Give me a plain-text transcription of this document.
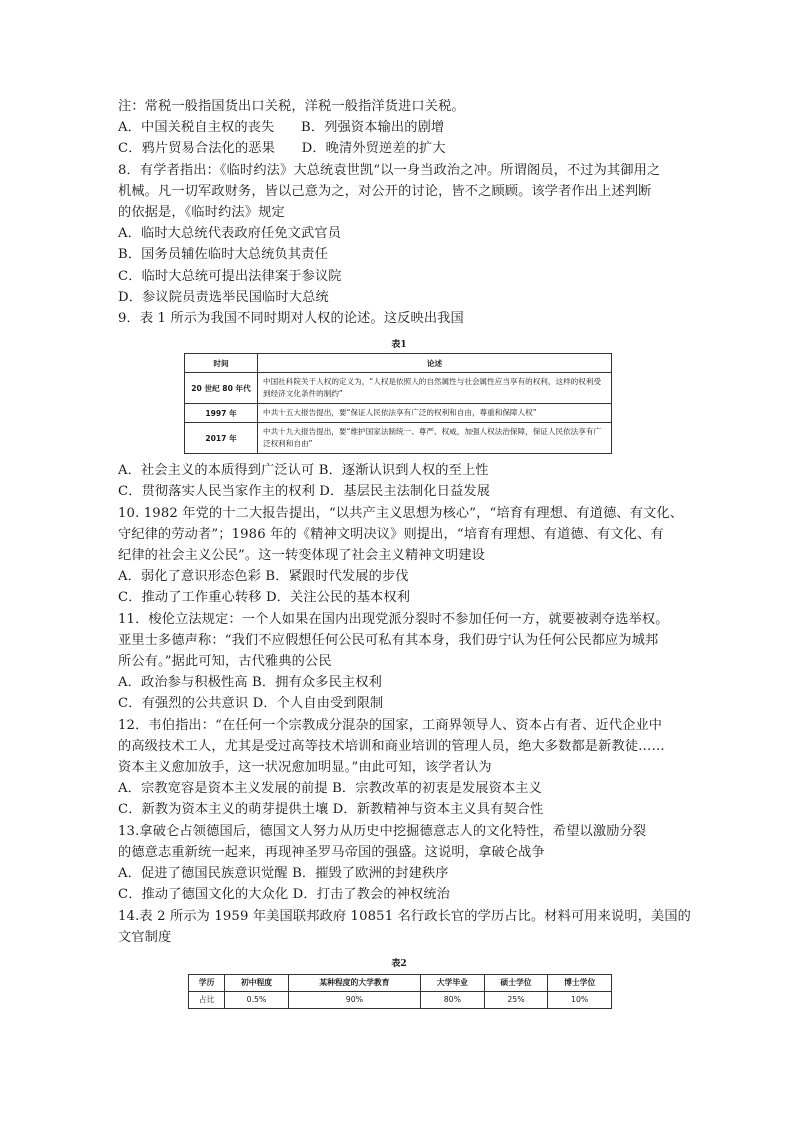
注：常税一般指国货出口关税，洋税一般指洋货进口关税。
A．中国关税自主权的丧失　　B．列强资本输出的剧增
C．鸦片贸易合法化的恶果　　D．晚清外贸逆差的扩大
8．有学者指出：《临时约法》大总统袁世凯“以一身当政治之冲。所谓阁员，不过为其御用之
机械。凡一切军政财务，皆以己意为之，对公开的讨论，皆不之顾顾。该学者作出上述判断
的依据是，《临时约法》规定
A．临时大总统代表政府任免文武官员
B．国务员辅佐临时大总统负其责任
C．临时大总统可提出法律案于参议院
D．参议院员责选举民国临时大总统
9．表 1 所示为我国不同时期对人权的论述。这反映出我国
表1
时间	论述
20 世纪 80 年代	中国社科院关于人权的定义为，“人权是依照人的自然属性与社会属性应当享有的权利，这样的权利受到经济文化条件的制约”
1997 年	中共十五大报告提出，要“保证人民依法享有广泛的权利和自由，尊重和保障人权”
2017 年	中共十九大报告提出，要“维护国家法制统一、尊严、权威，加强人权法治保障，保证人民依法享有广泛权利和自由”
A．社会主义的本质得到广泛认可 B．逐渐认识到人权的至上性
C．贯彻落实人民当家作主的权利 D．基层民主法制化日益发展
10. 1982 年党的十二大报告提出，“以共产主义思想为核心”，“培育有理想、有道德、有文化、
守纪律的劳动者”；1986 年的《精神文明决议》则提出，“培育有理想、有道德、有文化、有
纪律的社会主义公民”。这一转变体现了社会主义精神文明建设
A．弱化了意识形态色彩 B．紧跟时代发展的步伐
C．推动了工作重心转移 D．关注公民的基本权利
11．梭伦立法规定：一个人如果在国内出现党派分裂时不参加任何一方，就要被剥夺选举权。
亚里士多德声称：“我们不应假想任何公民可私有其本身，我们毋宁认为任何公民都应为城邦
所公有。”据此可知，古代雅典的公民
A．政治参与积极性高 B．拥有众多民主权利
C．有强烈的公共意识 D．个人自由受到限制
12．韦伯指出：“在任何一个宗教成分混杂的国家，工商界领导人、资本占有者、近代企业中
的高级技术工人，尤其是受过高等技术培训和商业培训的管理人员，绝大多数都是新教徒……
资本主义愈加放手，这一状况愈加明显。”由此可知，该学者认为
A．宗教宽容是资本主义发展的前提 B．宗教改革的初衷是发展资本主义
C．新教为资本主义的萌芽提供土壤 D．新教精神与资本主义具有契合性
13.拿破仑占领德国后，德国文人努力从历史中挖掘德意志人的文化特性，希望以激励分裂
的德意志重新统一起来，再现神圣罗马帝国的强盛。这说明，拿破仑战争
A．促进了德国民族意识觉醒 B．摧毁了欧洲的封建秩序
C．推动了德国文化的大众化 D．打击了教会的神权统治
14.表 2 所示为 1959 年美国联邦政府 10851 名行政长官的学历占比。材料可用来说明，美国的
文官制度
表2
学历	初中程度	某种程度的大学教育	大学毕业	硕士学位	博士学位
占比	0.5%	90%	80%	25%	10%
